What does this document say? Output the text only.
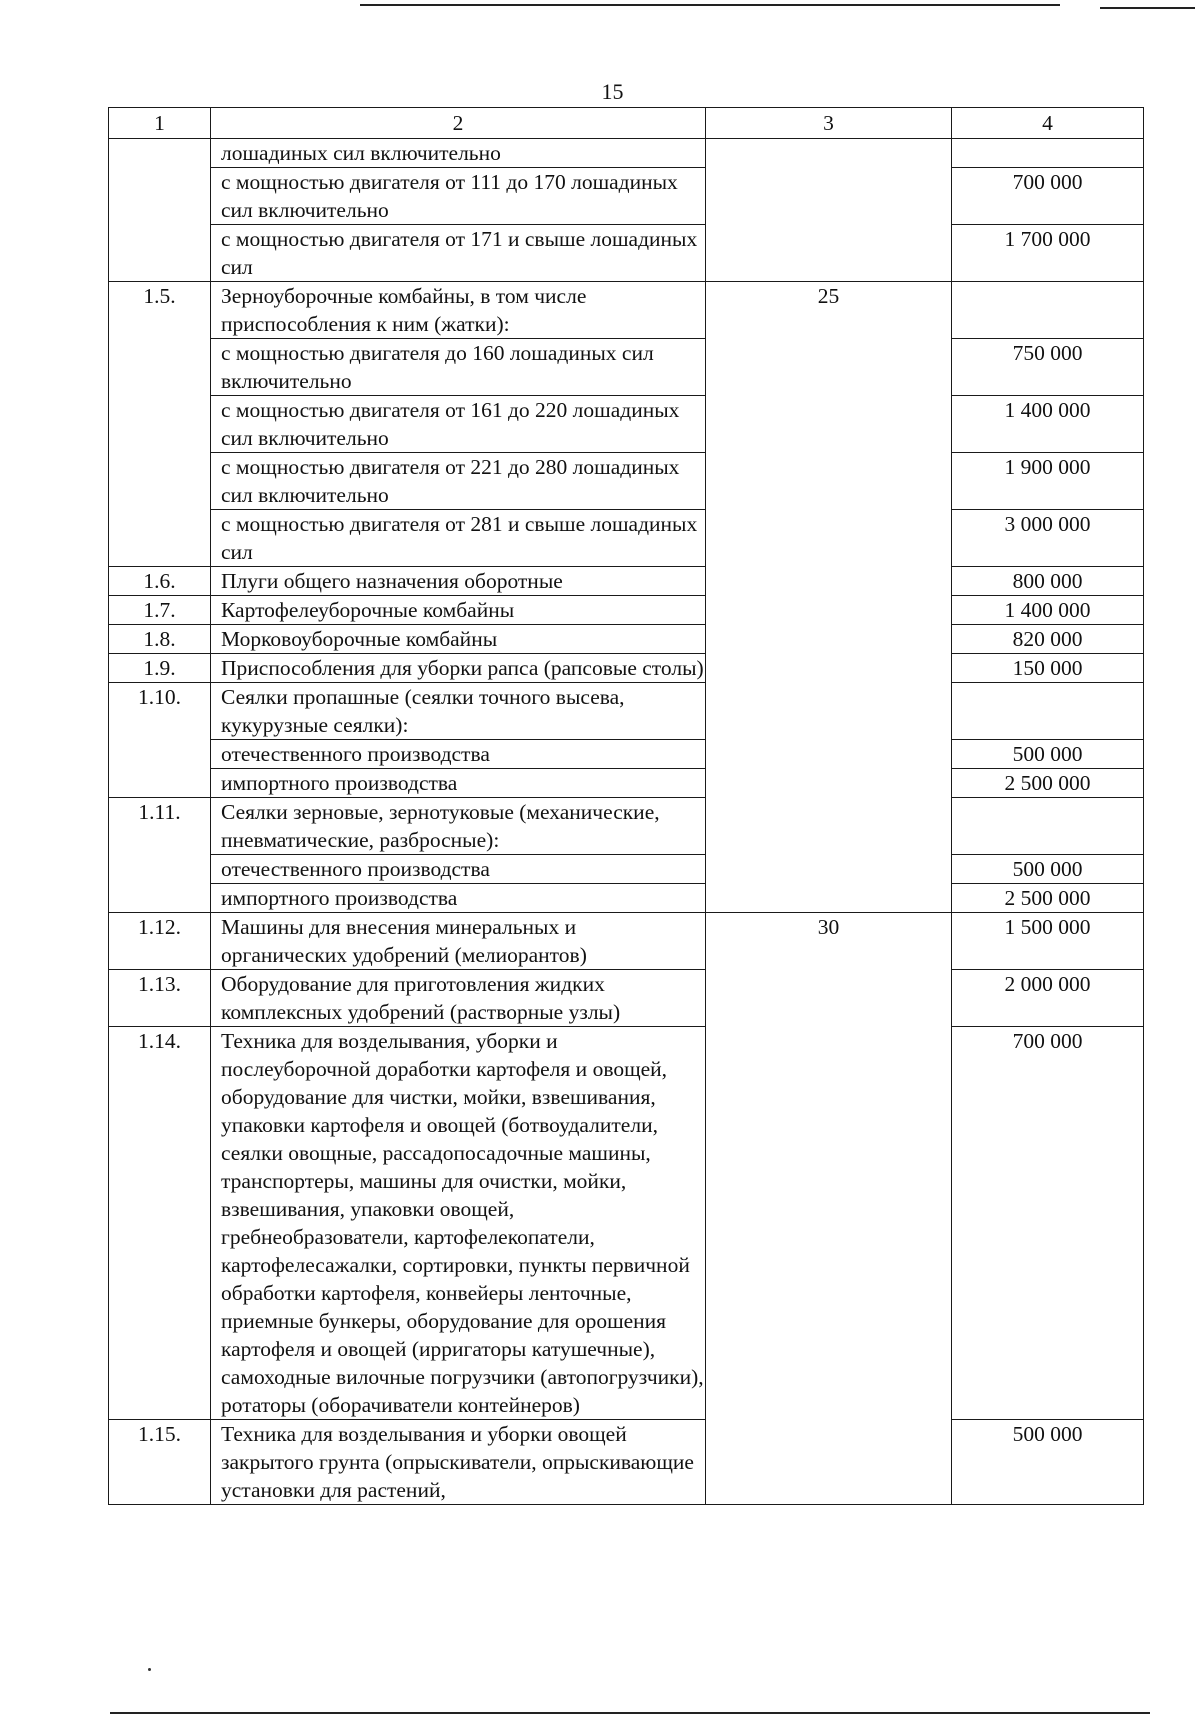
15
1	2	3	4
	лошадиных сил включительно		
	с мощностью двигателя от 111 до 170 лошадиных сил включительно		700 000
	с мощностью двигателя от 171 и свыше лошадиных сил		1 700 000
1.5.	Зерноуборочные комбайны, в том числе приспособления к ним (жатки):	25	
	с мощностью двигателя до 160 лошадиных сил включительно		750 000
	с мощностью двигателя от 161 до 220 лошадиных сил включительно		1 400 000
	с мощностью двигателя от 221 до 280 лошадиных сил включительно		1 900 000
	с мощностью двигателя от 281 и свыше лошадиных сил		3 000 000
1.6.	Плуги общего назначения оборотные		800 000
1.7.	Картофелеуборочные комбайны		1 400 000
1.8.	Морковоуборочные комбайны		820 000
1.9.	Приспособления для уборки рапса (рапсовые столы)		150 000
1.10.	Сеялки пропашные (сеялки точного высева, кукурузные сеялки):		
	отечественного производства		500 000
	импортного производства		2 500 000
1.11.	Сеялки зерновые, зернотуковые (механические, пневматические, разбросные):		
	отечественного производства		500 000
	импортного производства		2 500 000
1.12.	Машины для внесения минеральных и органических удобрений (мелиорантов)	30	1 500 000
1.13.	Оборудование для приготовления жидких комплексных удобрений (растворные узлы)		2 000 000
1.14.	Техника для возделывания, уборки и послеуборочной доработки картофеля и овощей, оборудование для чистки, мойки, взвешивания, упаковки картофеля и овощей (ботвоудалители, сеялки овощные, рассадопосадочные машины, транспортеры, машины для очистки, мойки, взвешивания, упаковки овощей, гребнеобразователи, картофелекопатели, картофелесажалки, сортировки, пункты первичной обработки картофеля, конвейеры ленточные, приемные бункеры, оборудование для орошения картофеля и овощей (ирригаторы катушечные), самоходные вилочные погрузчики (автопогрузчики), ротаторы (оборачиватели контейнеров)		700 000
1.15.	Техника для возделывания и уборки овощей закрытого грунта (опрыскиватели, опрыскивающие установки для растений,		500 000
